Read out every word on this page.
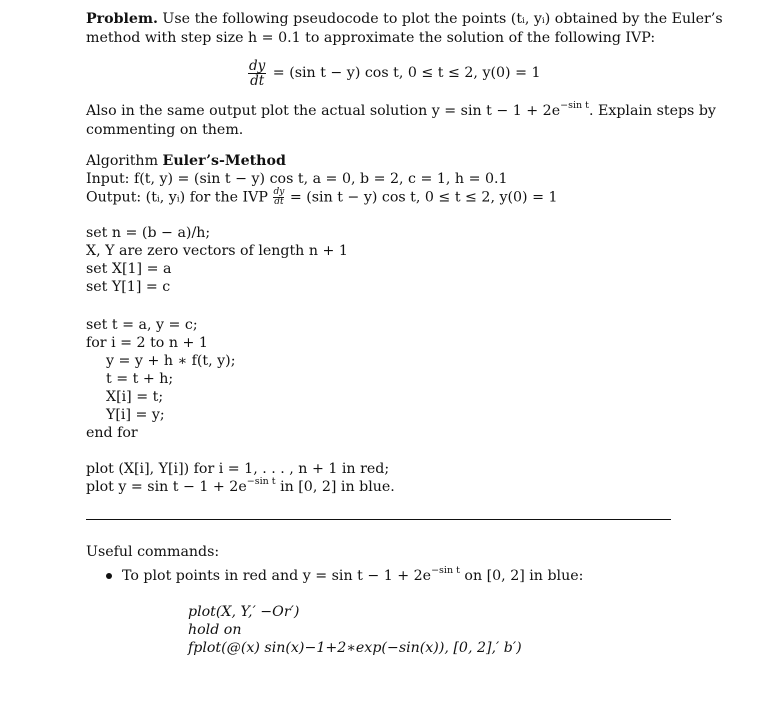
Problem. Use the following pseudocode to plot the points (tᵢ, yᵢ) obtained by the Euler’s
method with step size h = 0.1 to approximate the solution of the following IVP:
$\frac{dy}{dt} = (\sin$ t − y) cos t, 0 ≤ t ≤ 2, y(0) = 1
Also in the same output plot the actual solution $y = \sin t - 1 + 2e^{-sin t}$. Explain steps by
commenting on them.
Algorithm Euler’s-Method
Input: f(t, y) = (sin t − y) cos t, a = 0, b = 2, c = 1, h = 0.1
Output: (tᵢ, yᵢ) for the IVP $\frac{dy}{dt} = (\sin$ t − y) cos t, 0 ≤ t ≤ 2, y(0) = 1
set n = (b − a)/h;
X, Y are zero vectors of length n + 1
set X[1] = a
set Y[1] = c
set t = a, y = c;
for i = 2 to n + 1
y = y + h ∗ f(t, y);
t = t + h;
X[i] = t;
Y[i] = y;
end for
plot (X[i], Y[i]) for i = 1, . . . , n + 1 in red;
plot $y = \sin t - 1 + 2e^{-sin t}$ in [0, 2] in blue.
Useful commands:
To plot points in red and $y = \sin t - 1 + 2e^{-sin t}$ on [0, 2] in blue:
plot(X, Y,′ −Or′)
hold on
fplot(@(x) sin(x)−1+2∗exp(−sin(x)), [0, 2],′ b′)
